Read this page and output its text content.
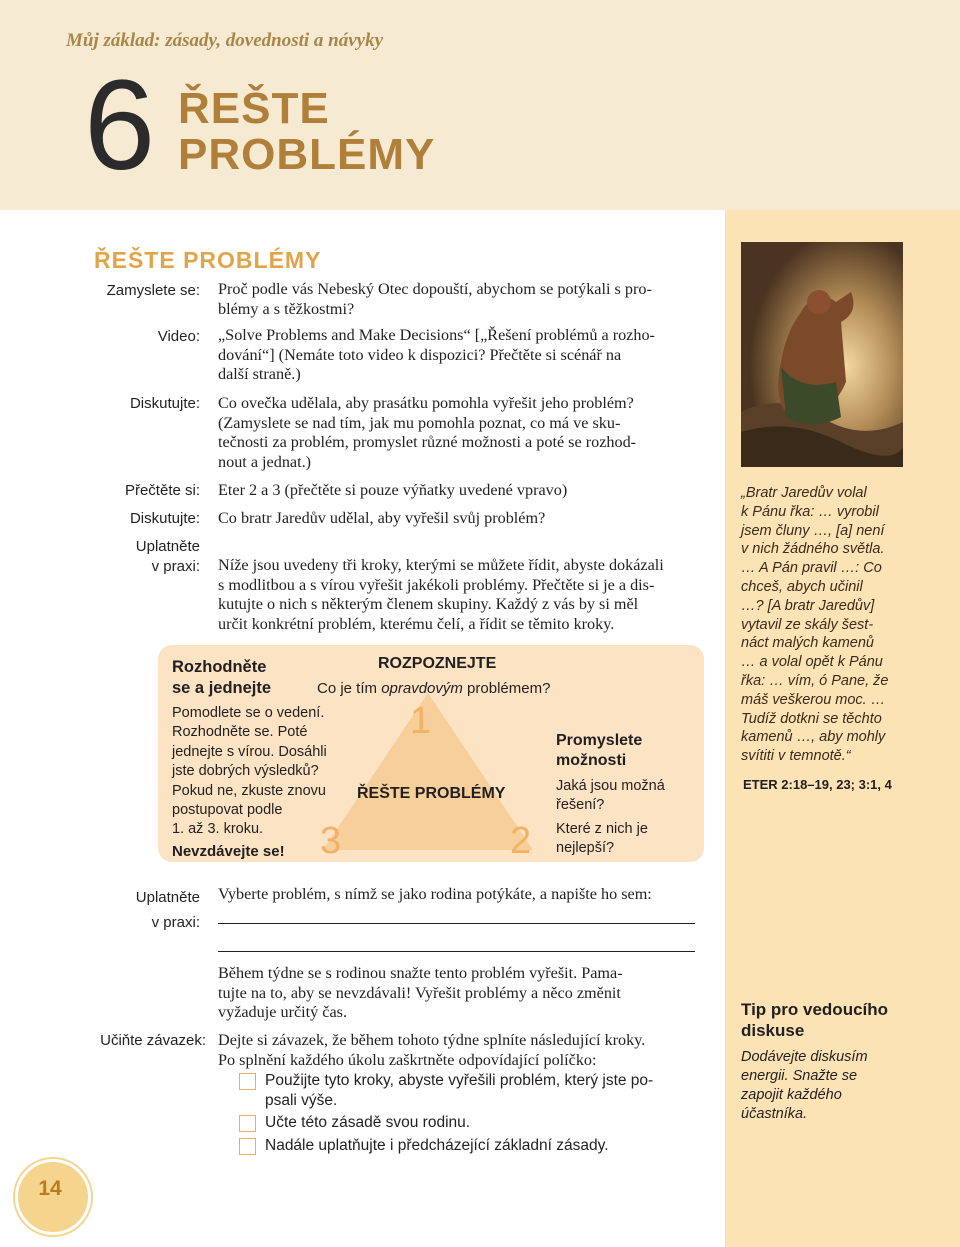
Můj základ: zásady, dovednosti a návyky
6 ŘEŠTE
PROBLÉMY
ŘEŠTE PROBLÉMY
Zamyslete se: Proč podle vás Nebeský Otec dopouští, abychom se potýkali s pro-
blémy a s těžkostmi?
Video: „Solve Problems and Make Decisions“ [„Řešení problémů a rozho-
dování“] (Nemáte toto video k dispozici? Přečtěte si scénář na
další straně.)
Diskutujte: Co ovečka udělala, aby prasátku pomohla vyřešit jeho problém?
(Zamyslete se nad tím, jak mu pomohla poznat, co má ve sku-
tečnosti za problém, promyslet různé možnosti a poté se rozhod-
nout a jednat.)
Přečtěte si: Eter 2 a 3 (přečtěte si pouze výňatky uvedené vpravo)
Diskutujte: Co bratr Jaredův udělal, aby vyřešil svůj problém?
Uplatněte
v praxi: Níže jsou uvedeny tři kroky, kterými se můžete řídit, abyste dokázali
s modlitbou a s vírou vyřešit jakékoli problémy. Přečtěte si je a dis-
kutujte o nich s některým členem skupiny. Každý z vás by si měl
určit konkrétní problém, kterému čelí, a řídit se těmito kroky.
1
2
3
ŘEŠTE PROBLÉMY
ROZPOZNEJTE
Co je tím opravdovým problémem?
Promyslete
možnosti
Jaká jsou možná
řešení?
Které z nich je
nejlepší?
Rozhodněte
se a jednejte
Pomodlete se o vedení.
Rozhodněte se. Poté
jednejte s vírou. Dosáhli
jste dobrých výsledků?
Pokud ne, zkuste znovu
postupovat podle
1. až 3. kroku.
Nevzdávejte se!
Uplatněte
v praxi:
Vyberte problém, s nímž se jako rodina potýkáte, a napište ho sem:
Během týdne se s rodinou snažte tento problém vyřešit. Pama-
tujte na to, aby se nevzdávali! Vyřešit problémy a něco změnit
vyžaduje určitý čas.
Učiňte závazek: Dejte si závazek, že během tohoto týdne splníte následující kroky.
Po splnění každého úkolu zaškrtněte odpovídající políčko:
Použijte tyto kroky, abyste vyřešili problém, který jste po-
psali výše.
Učte této zásadě svou rodinu.
Nadále uplatňujte i předcházející základní zásady.
„Bratr Jaredův volal
k Pánu řka: … vyrobil
jsem čluny …, [a] není
v nich žádného světla.
… A Pán pravil …: Co
chceš, abych učinil
…? [A bratr Jaredův]
vytavil ze skály šest-
náct malých kamenů
… a volal opět k Pánu
řka: … vím, ó Pane, že
máš veškerou moc. …
Tudíž dotkni se těchto
kamenů …, aby mohly
svítiti v temnotě.“
ETER 2:18–19, 23; 3:1, 4
Tip pro vedoucího
diskuse
Dodávejte diskusím
energii. Snažte se
zapojit každého
účastníka.
14
